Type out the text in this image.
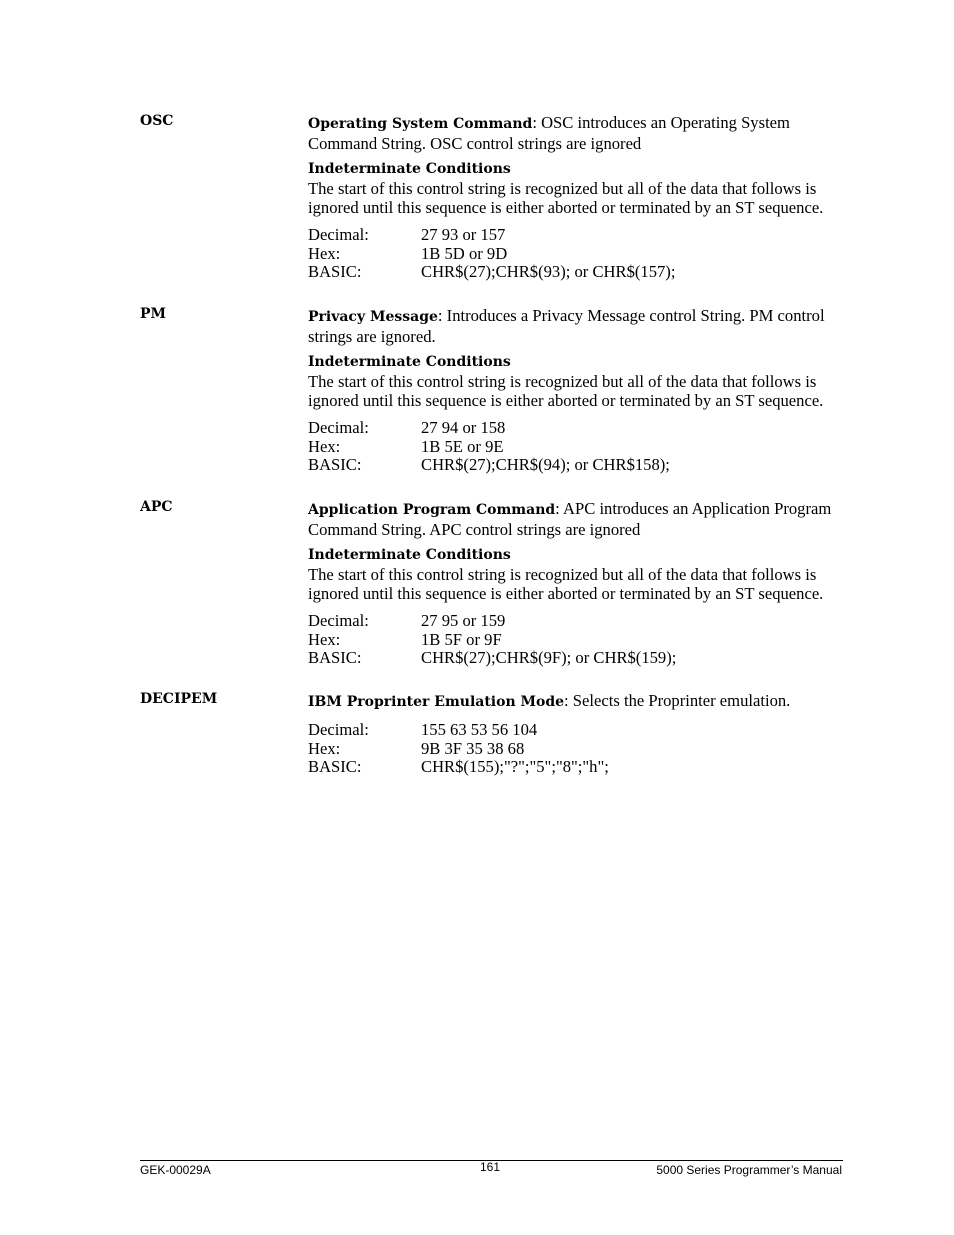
OSC	Operating System Command: OSC introduces an Operating System Command String. OSC control strings are ignored

Indeterminate Conditions
The start of this control string is recognized but all of the data that follows is ignored until this sequence is either aborted or terminated by an ST sequence.
Decimal:	27 93 or 157
Hex:	1B 5D or 9D
BASIC:	CHR$(27);CHR$(93); or CHR$(157);
PM	Privacy Message: Introduces a Privacy Message control String. PM control strings are ignored.

Indeterminate Conditions
The start of this control string is recognized but all of the data that follows is ignored until this sequence is either aborted or terminated by an ST sequence.
Decimal:	27 94 or 158
Hex:	1B 5E or 9E
BASIC:	CHR$(27);CHR$(94); or CHR$158);
APC	Application Program Command: APC introduces an Application Program Command String. APC control strings are ignored

Indeterminate Conditions
The start of this control string is recognized but all of the data that follows is ignored until this sequence is either aborted or terminated by an ST sequence.
Decimal:	27 95 or 159
Hex:	1B 5F or 9F
BASIC:	CHR$(27);CHR$(9F); or CHR$(159);
DECIPEM	IBM Proprinter Emulation Mode: Selects the Proprinter emulation.

Decimal:	155 63 53 56 104
Hex:	9B 3F 35 38 68
BASIC:	CHR$(155);"?";"5";"8";"h";
GEK-00029A	161	5000 Series Programmer’s Manual
